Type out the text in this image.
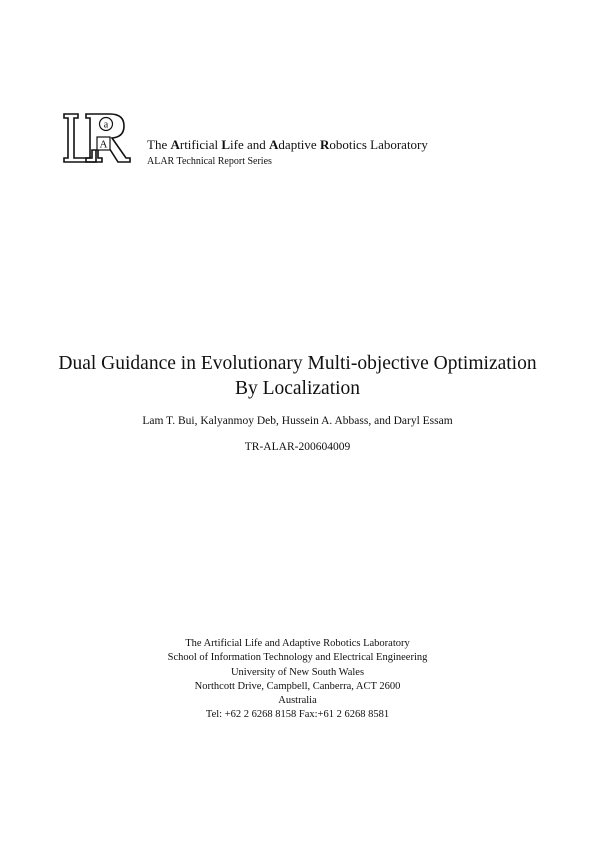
a
A	The Artificial Life and Adaptive Robotics Laboratory
ALAR Technical Report Series
Dual Guidance in Evolutionary Multi-objective Optimization
By Localization
Lam T. Bui, Kalyanmoy Deb, Hussein A. Abbass, and Daryl Essam
TR-ALAR-200604009
The Artificial Life and Adaptive Robotics Laboratory
School of Information Technology and Electrical Engineering
University of New South Wales
Northcott Drive, Campbell, Canberra, ACT 2600
Australia
Tel: +62 2 6268 8158 Fax:+61 2 6268 8581
